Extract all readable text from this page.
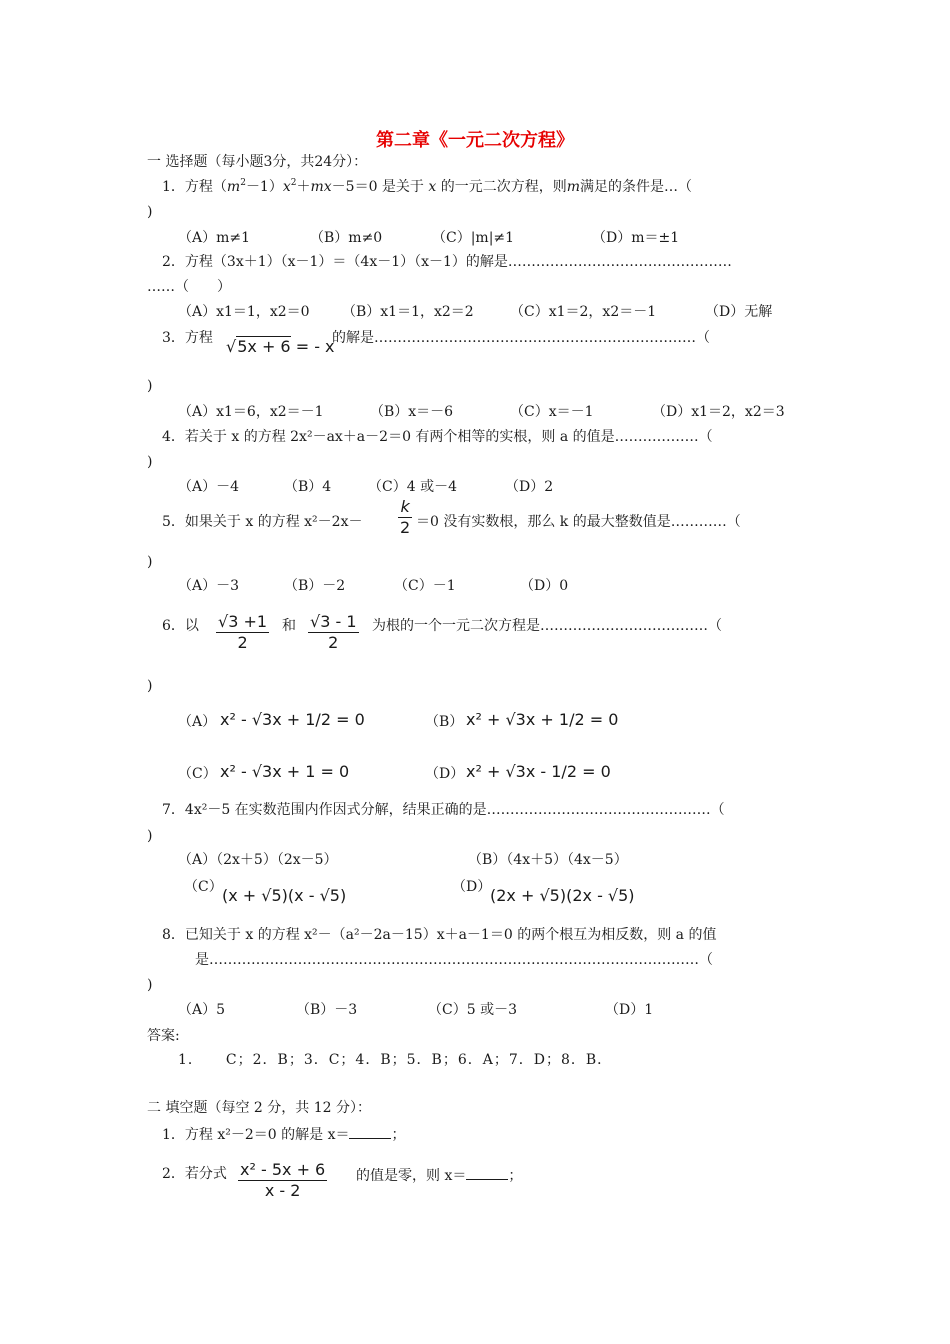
第二章《一元二次方程》
一 选择题（每小题3分，共24分）：
1．方程$(m^2-1)x^2+mx-5=0$ 是关于 x 的一元二次方程，则m满足的条件是…（
)
（A）m≠1	（B）m≠0	（C）|m|≠1	（D）m＝±1
2．方程（3x＋1）（x－1）＝（4x－1）（x－1）的解是…………………………………………
……（　　）
（A）x1＝1，x2＝0 （B）x1＝1，x2＝2	（C）x1＝2，x2＝－1	（D）无解
3．方程 √5x + 6 = - x
的解是……………………………………………………………（
)
（A）x1＝6，x2＝－1	（B）x＝－6	（C）x＝－1	（D）x1＝2，x2＝3
4．若关于 x 的方程 2x²－ax＋a－2＝0 有两个相等的实根，则 a 的值是………………（
)
（A）－4	（B）4	（C）4 或－4	（D）2
5．如果关于 x 的方程 $x^2-2x- \frac{k}{2} =0$ 没有实数根，那么 k 的最大整数值是…………（
)
（A）－3	（B）－2	（C）－1	（D）0
6．以 $\frac{√3 +1}{2}$ 和 $\frac{√3 - 1}{2}$ 为根的一个一元二次方程是………………………………（
)
（A） x² - √3x + 1/2 = 0	（B） x² + √3x + 1/2 = 0
（C） x² - √3x + 1 = 0	（D） x² + √3x - 1/2 = 0
7．4x²－5 在实数范围内作因式分解，结果正确的是…………………………………………（
)
（A）（2x＋5）（2x－5）	（B）（4x＋5）（4x－5）
（C） (x + √5)(x - √5)	（D）
(2x + √5)(2x - √5)
8．已知关于 x 的方程 x²－（a²－2a－15）x＋a－1＝0 的两个根互为相反数，则 a 的值
是……………………………………………………………………………………………（
)
（A）5	（B）－3	（C）5 或－3	（D）1
答案:
1．　　C；2．B；3．C；4．B；5．B；6．A；7．D；8．B．
二 填空题（每空 2 分，共 12 分）：
1．方程 x²－2＝0 的解是 x＝	；
2．若分式 $\frac{\text{x² - 5x + 6}}{x - 2}$ 的值是零，则 x＝	；
